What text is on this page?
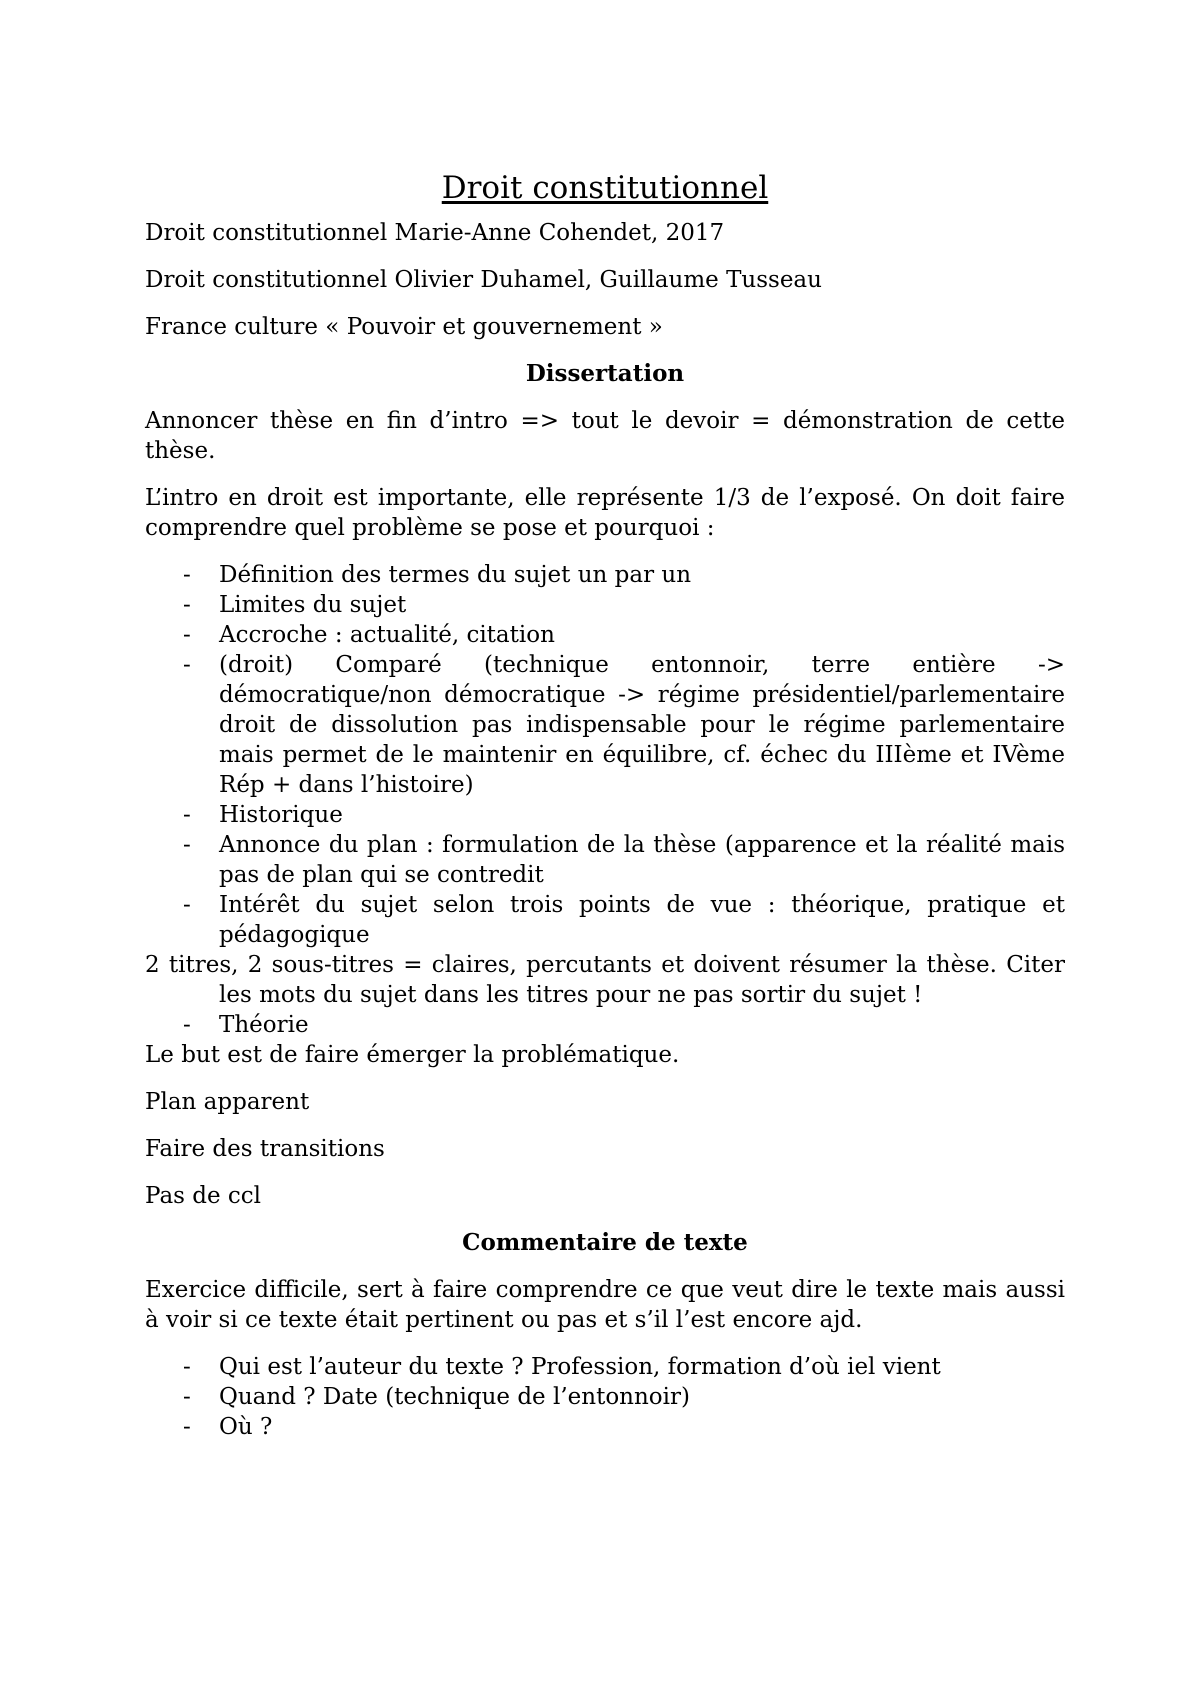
Droit constitutionnel

Droit constitutionnel Marie-Anne Cohendet, 2017

Droit constitutionnel Olivier Duhamel, Guillaume Tusseau

France culture « Pouvoir et gouvernement »

Dissertation

Annoncer thèse en fin d’intro => tout le devoir = démonstration de cette thèse.

L’intro en droit est importante, elle représente 1/3 de l’exposé. On doit faire comprendre quel problème se pose et pourquoi :

- Définition des termes du sujet un par un
- Limites du sujet
- Accroche : actualité, citation
- (droit) Comparé (technique entonnoir, terre entière -> démocratique/non démocratique -> régime présidentiel/parlementaire droit de dissolution pas indispensable pour le régime parlementaire mais permet de le maintenir en équilibre, cf. échec du IIIème et IVème Rép + dans l’histoire)
- Historique
- Annonce du plan : formulation de la thèse (apparence et la réalité mais pas de plan qui se contredit
- Intérêt du sujet selon trois points de vue : théorique, pratique et pédagogique

2 titres, 2 sous-titres = claires, percutants et doivent résumer la thèse. Citer les mots du sujet dans les titres pour ne pas sortir du sujet !

- Théorie

Le but est de faire émerger la problématique.

Plan apparent

Faire des transitions

Pas de ccl

Commentaire de texte

Exercice difficile, sert à faire comprendre ce que veut dire le texte mais aussi à voir si ce texte était pertinent ou pas et s’il l’est encore ajd.

- Qui est l’auteur du texte ? Profession, formation d’où iel vient
- Quand ? Date (technique de l’entonnoir)
- Où ?
